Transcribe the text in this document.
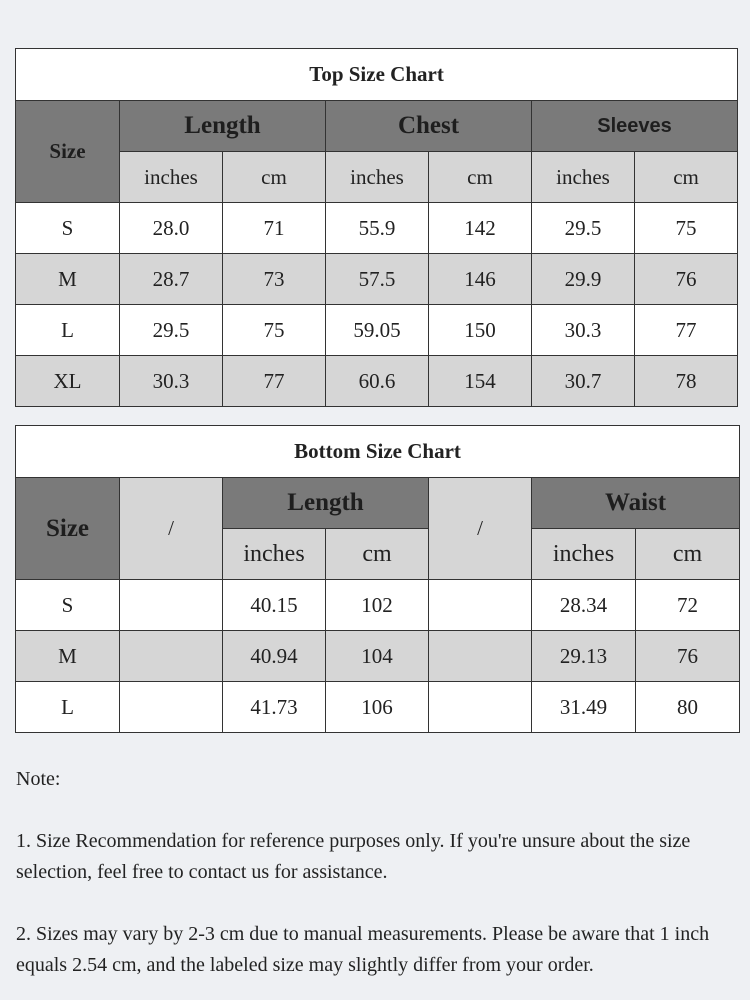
Top Size Chart						
Size	Length		Chest		Sleeves	
	inches	cm	inches	cm	inches	cm
S	28.0	71	55.9	142	29.5	75
M	28.7	73	57.5	146	29.9	76
L	29.5	75	59.05	150	30.3	77
XL	30.3	77	60.6	154	30.7	78
Bottom Size Chart						
Size	/	Length		/	Waist	
		inches	cm		inches	cm
S		40.15	102		28.34	72
M		40.94	104		29.13	76
L		41.73	106		31.49	80
Note:

1. Size Recommendation for reference purposes only. If you're unsure about the size selection, feel free to contact us for assistance.

2. Sizes may vary by 2-3 cm due to manual measurements. Please be aware that 1 inch equals 2.54 cm, and the labeled size may slightly differ from your order.
